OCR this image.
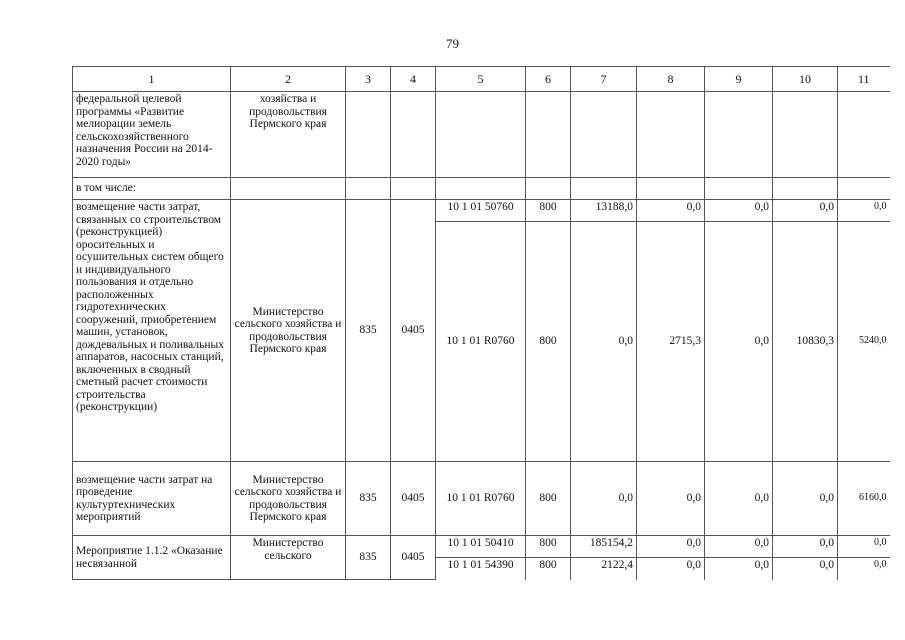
79
1	2	3	4	5	6	7	8	9	10	11
федеральной целевой программы «Развитие мелиорации земель сельскохозяйственного назначения России на 2014-2020 годы»	хозяйства и продовольствия Пермского края									
в том числе:										
возмещение части затрат, связанных со строительством (реконструкцией) оросительных и осушительных систем общего и индивидуального пользования и отдельно расположенных гидротехнических сооружений, приобретением машин, установок, дождевальных и поливальных аппаратов, насосных станций, включенных в сводный сметный расчет стоимости строительства (реконструкции)	Министерство сельского хозяйства и продовольствия Пермского края	835	0405	10 1 01 50760	800	13188,0	0,0	0,0	0,0	0,0
				10 1 01 R0760	800	0,0	2715,3	0,0	10830,3	5240,0
возмещение части затрат на проведение культуртехнических мероприятий	Министерство сельского хозяйства и продовольствия Пермского края	835	0405	10 1 01 R0760	800	0,0	0,0	0,0	0,0	6160,0
Мероприятие 1.1.2 «Оказание несвязанной	Министерство сельского	835	0405	10 1 01 50410	800	185154,2	0,0	0,0	0,0	0,0
				10 1 01 54390	800	2122,4	0,0	0,0	0,0	0,0
